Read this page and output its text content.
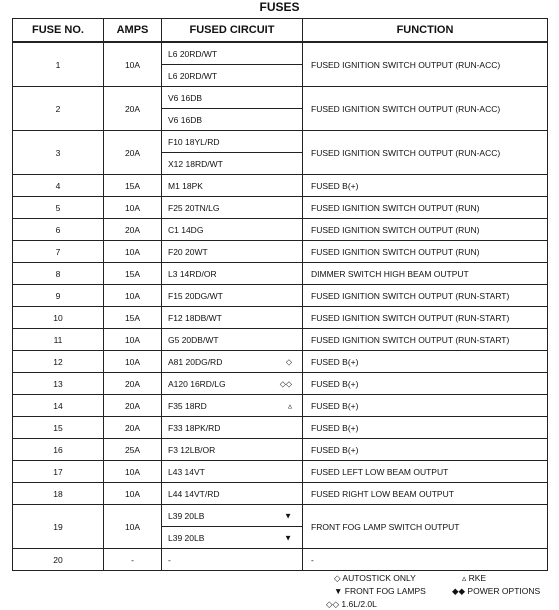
FUSES
FUSE NO.	AMPS	FUSED CIRCUIT	FUNCTION
1	10A	L6 20RD/WT	FUSED IGNITION SWITCH OUTPUT (RUN-ACC)
		L6 20RD/WT	
2	20A	V6 16DB	FUSED IGNITION SWITCH OUTPUT (RUN-ACC)
		V6 16DB	
3	20A	F10 18YL/RD	FUSED IGNITION SWITCH OUTPUT (RUN-ACC)
		X12 18RD/WT	
4	15A	M1 18PK	FUSED B(+)
5	10A	F25 20TN/LG	FUSED IGNITION SWITCH OUTPUT (RUN)
6	20A	C1 14DG	FUSED IGNITION SWITCH OUTPUT (RUN)
7	10A	F20 20WT	FUSED IGNITION SWITCH OUTPUT (RUN)
8	15A	L3 14RD/OR	DIMMER SWITCH HIGH BEAM OUTPUT
9	10A	F15 20DG/WT	FUSED IGNITION SWITCH OUTPUT (RUN-START)
10	15A	F12 18DB/WT	FUSED IGNITION SWITCH OUTPUT (RUN-START)
11	10A	G5 20DB/WT	FUSED IGNITION SWITCH OUTPUT (RUN-START)
12	10A	A81 20DG/RD ◇	FUSED B(+)
13	20A	A120 16RD/LG ◇◇	FUSED B(+)
14	20A	F35 18RD ▵	FUSED B(+)
15	20A	F33 18PK/RD	FUSED B(+)
16	25A	F3 12LB/OR	FUSED B(+)
17	10A	L43 14VT	FUSED LEFT LOW BEAM OUTPUT
18	10A	L44 14VT/RD	FUSED RIGHT LOW BEAM OUTPUT
19	10A	L39 20LB ▼	FRONT FOG LAMP SWITCH OUTPUT
		L39 20LB ▼	

20	-	-	-
◇ AUTOSTICK ONLY	▵ RKE
▼ FRONT FOG LAMPS	◆◆ POWER OPTIONS
◇◇ 1.6L/2.0L
